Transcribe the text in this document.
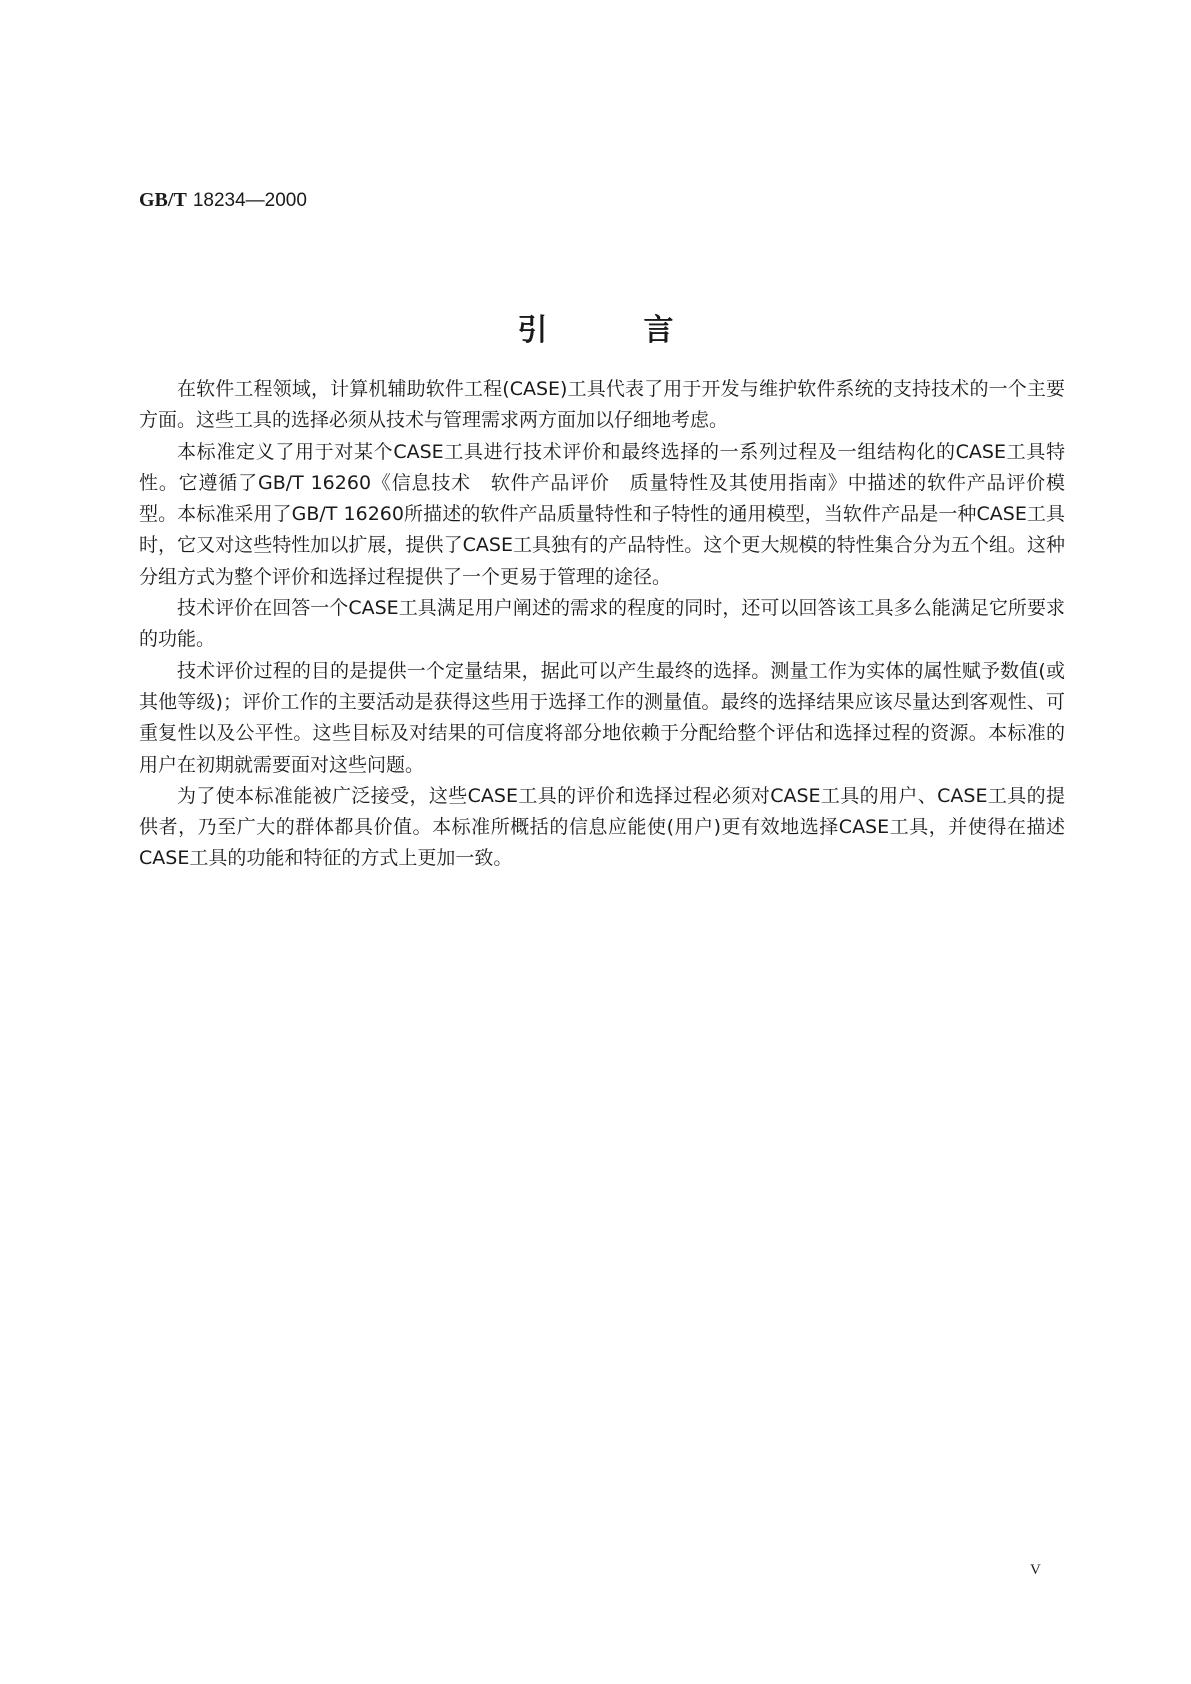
GB/T 18234—2000
引言

在软件工程领域，计算机辅助软件工程(CASE)工具代表了用于开发与维护软件系统的支持技术的一个主要方面。这些工具的选择必须从技术与管理需求两方面加以仔细地考虑。

本标准定义了用于对某个CASE工具进行技术评价和最终选择的一系列过程及一组结构化的CASE工具特性。它遵循了GB/T 16260《信息技术　软件产品评价　质量特性及其使用指南》中描述的软件产品评价模型。本标准采用了GB/T 16260所描述的软件产品质量特性和子特性的通用模型，当软件产品是一种CASE工具时，它又对这些特性加以扩展，提供了CASE工具独有的产品特性。这个更大规模的特性集合分为五个组。这种分组方式为整个评价和选择过程提供了一个更易于管理的途径。

技术评价在回答一个CASE工具满足用户阐述的需求的程度的同时，还可以回答该工具多么能满足它所要求的功能。

技术评价过程的目的是提供一个定量结果，据此可以产生最终的选择。测量工作为实体的属性赋予数值(或其他等级)；评价工作的主要活动是获得这些用于选择工作的测量值。最终的选择结果应该尽量达到客观性、可重复性以及公平性。这些目标及对结果的可信度将部分地依赖于分配给整个评估和选择过程的资源。本标准的用户在初期就需要面对这些问题。

为了使本标准能被广泛接受，这些CASE工具的评价和选择过程必须对CASE工具的用户、CASE工具的提供者，乃至广大的群体都具价值。本标准所概括的信息应能使(用户)更有效地选择CASE工具，并使得在描述CASE工具的功能和特征的方式上更加一致。

V
